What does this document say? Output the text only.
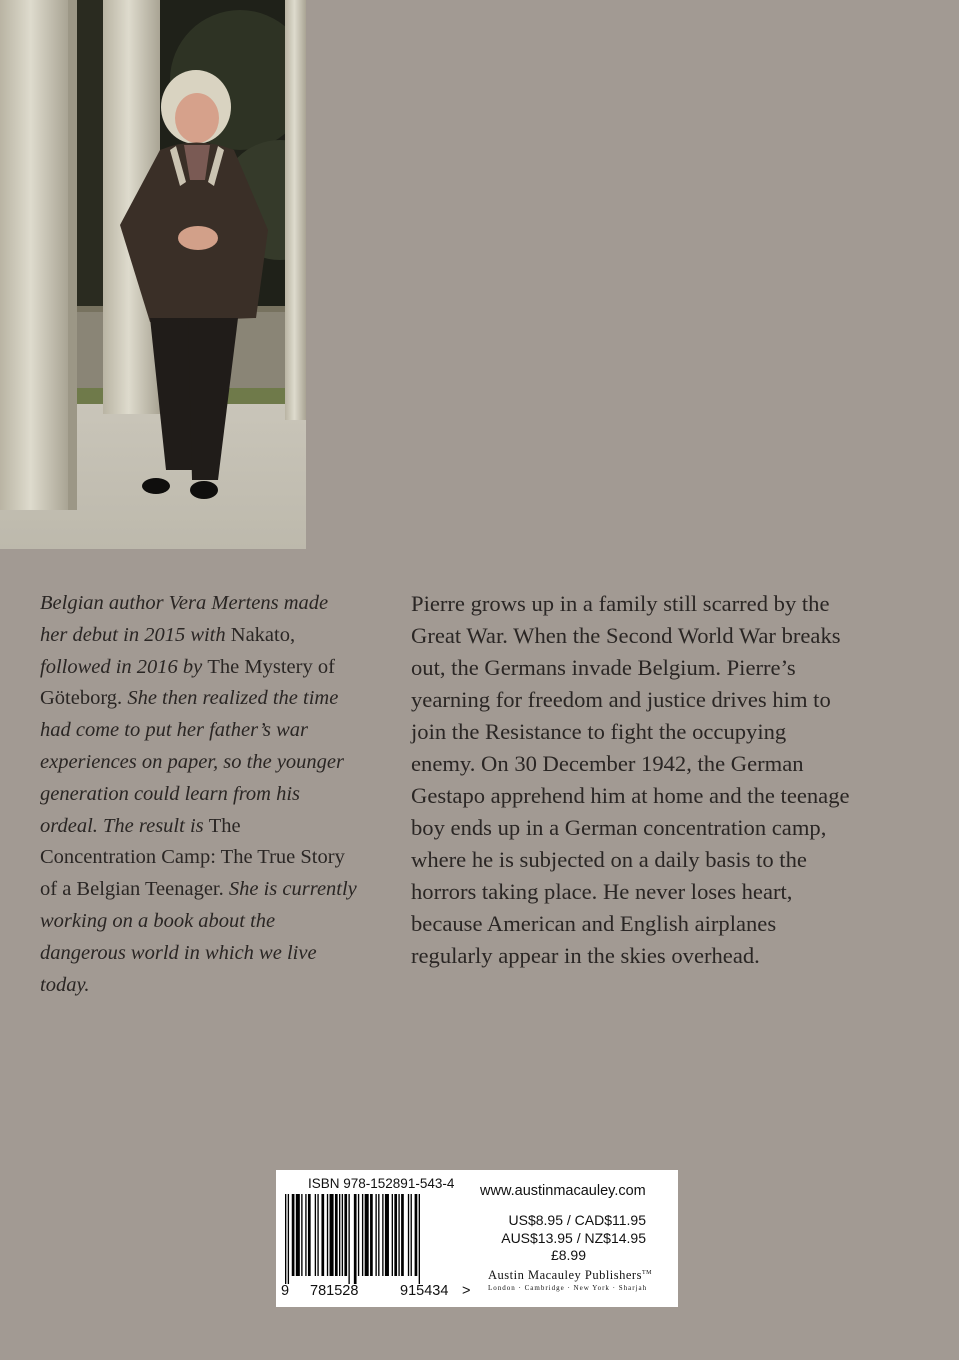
Belgian author Vera Mertens made her debut in 2015 with Nakato, followed in 2016 by The Mystery of Göteborg. She then realized the time had come to put her father’s war experiences on paper, so the younger generation could learn from his ordeal. The result is The Concentration Camp: The True Story of a Belgian Teenager. She is currently working on a book about the dangerous world in which we live today.

Pierre grows up in a family still scarred by the Great War. When the Second World War breaks out, the Germans invade Belgium. Pierre’s yearning for freedom and justice drives him to join the Resistance to fight the occupying enemy. On 30 December 1942, the German Gestapo apprehend him at home and the teenage boy ends up in a German concentration camp, where he is subjected on a daily basis to the horrors taking place. He never loses heart, because American and English airplanes regularly appear in the skies overhead.

ISBN 978-152891-543-4
9 781528	915434 >
www.austinmacauley.com
US$8.95 / CAD$11.95
AUS$13.95 / NZ$14.95
£8.99
Austin Macauley Publishers™
London · Cambridge · New York · Sharjah
